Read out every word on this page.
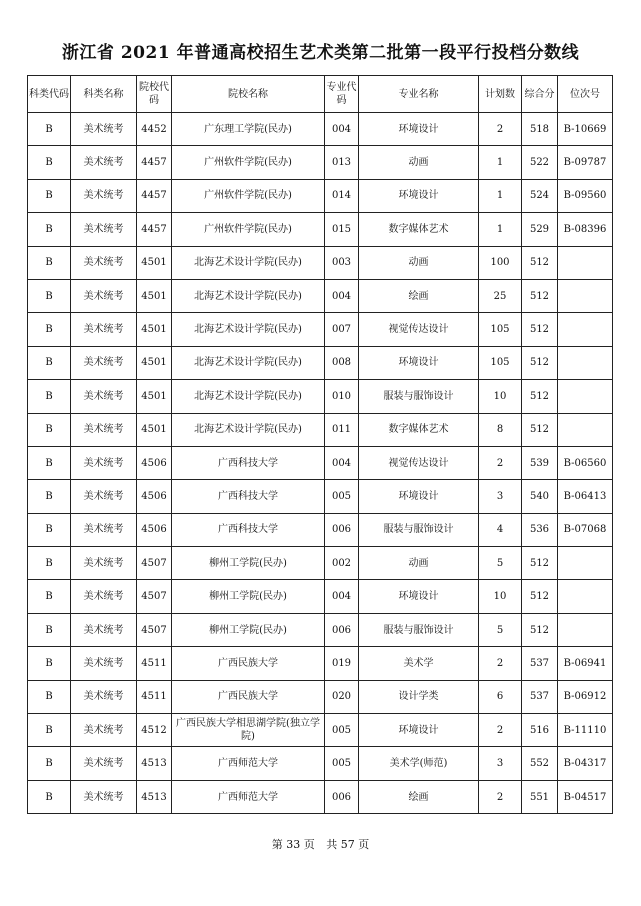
浙江省 2021 年普通高校招生艺术类第二批第一段平行投档分数线
科类代码	科类名称	院校代码	院校名称	专业代码	专业名称	计划数	综合分	位次号
B	美术统考	4452	广东理工学院(民办)	004	环境设计	2	518	B-10669
B	美术统考	4457	广州软件学院(民办)	013	动画	1	522	B-09787
B	美术统考	4457	广州软件学院(民办)	014	环境设计	1	524	B-09560
B	美术统考	4457	广州软件学院(民办)	015	数字媒体艺术	1	529	B-08396
B	美术统考	4501	北海艺术设计学院(民办)	003	动画	100	512	
B	美术统考	4501	北海艺术设计学院(民办)	004	绘画	25	512	
B	美术统考	4501	北海艺术设计学院(民办)	007	视觉传达设计	105	512	
B	美术统考	4501	北海艺术设计学院(民办)	008	环境设计	105	512	
B	美术统考	4501	北海艺术设计学院(民办)	010	服装与服饰设计	10	512	
B	美术统考	4501	北海艺术设计学院(民办)	011	数字媒体艺术	8	512	
B	美术统考	4506	广西科技大学	004	视觉传达设计	2	539	B-06560
B	美术统考	4506	广西科技大学	005	环境设计	3	540	B-06413
B	美术统考	4506	广西科技大学	006	服装与服饰设计	4	536	B-07068
B	美术统考	4507	柳州工学院(民办)	002	动画	5	512	
B	美术统考	4507	柳州工学院(民办)	004	环境设计	10	512	
B	美术统考	4507	柳州工学院(民办)	006	服装与服饰设计	5	512	
B	美术统考	4511	广西民族大学	019	美术学	2	537	B-06941
B	美术统考	4511	广西民族大学	020	设计学类	6	537	B-06912
B	美术统考	4512	广西民族大学相思湖学院(独立学院)	005	环境设计	2	516	B-11110
B	美术统考	4513	广西师范大学	005	美术学(师范)	3	552	B-04317
B	美术统考	4513	广西师范大学	006	绘画	2	551	B-04517
第 33 页 共 57 页
